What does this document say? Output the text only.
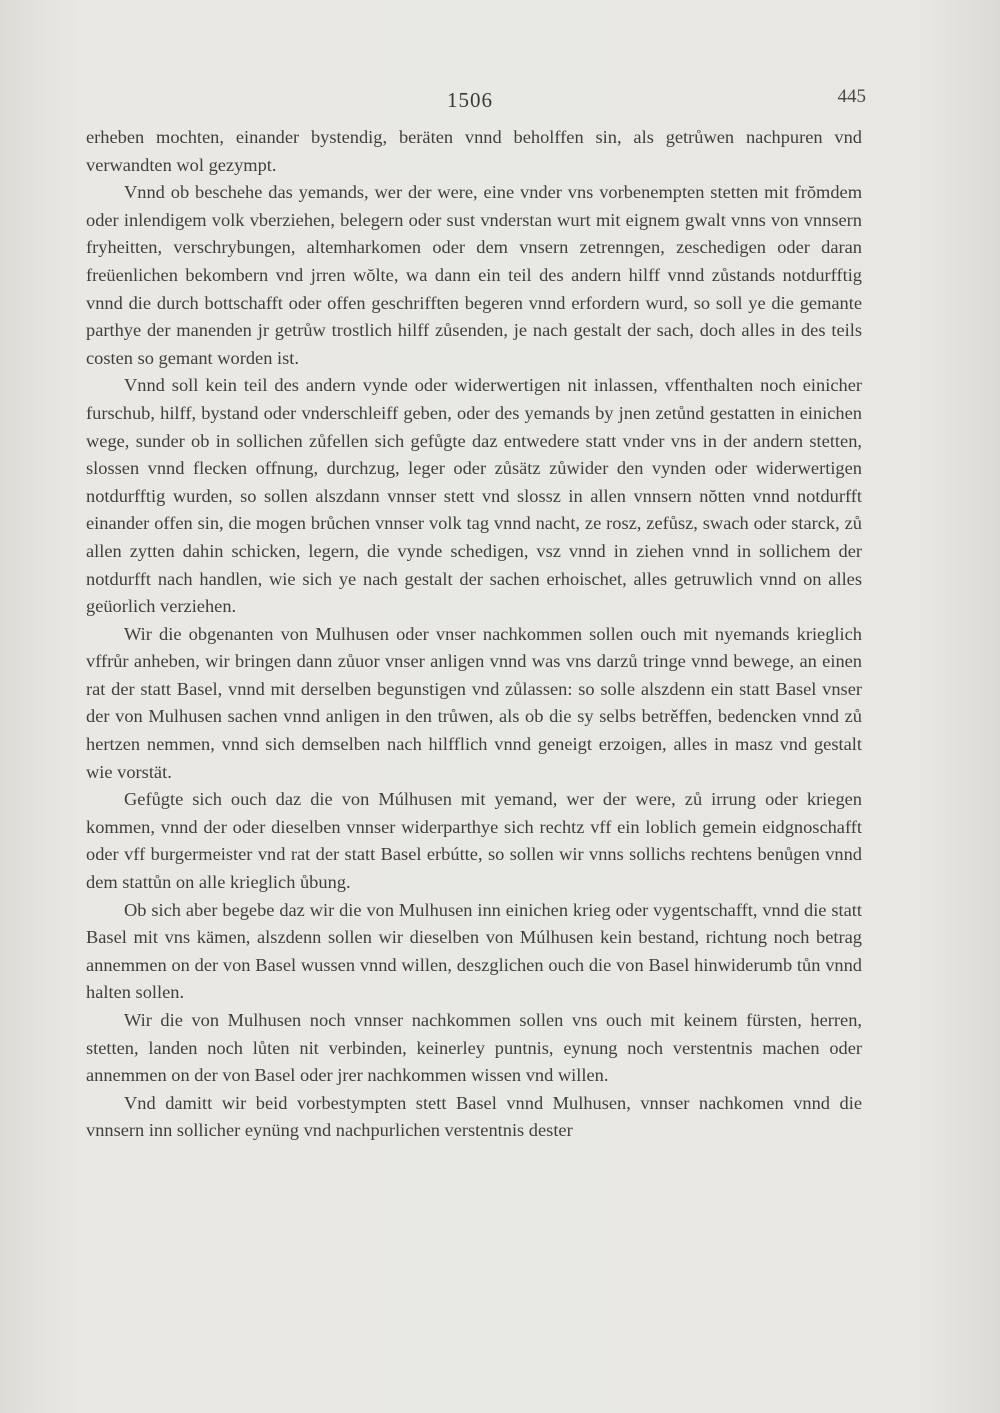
1506	445

erheben mochten, einander bystendig, beräten vnnd beholffen sin, als getrůwen nachpuren vnd verwandten wol gezympt.

Vnnd ob beschehe das yemands, wer der were, eine vnder vns vorbenempten stetten mit frŏmdem oder inlendigem volk vberziehen, belegern oder sust vnderstan wurt mit eignem gwalt vnns von vnnsern fryheitten, verschrybungen, altemharkomen oder dem vnsern zetrenngen, zeschedigen oder daran freüenlichen bekombern vnd jrren wŏlte, wa dann ein teil des andern hilff vnnd zůstands notdurfftig vnnd die durch bottschafft oder offen geschrifften begeren vnnd erfordern wurd, so soll ye die gemante parthye der manenden jr getrůw trostlich hilff zůsenden, je nach gestalt der sach, doch alles in des teils costen so gemant worden ist.

Vnnd soll kein teil des andern vynde oder widerwertigen nit inlassen, vffenthalten noch einicher furschub, hilff, bystand oder vnderschleiff geben, oder des yemands by jnen zetůnd gestatten in einichen wege, sunder ob in sollichen zůfellen sich gefůgte daz entwedere statt vnder vns in der andern stetten, slossen vnnd flecken offnung, durchzug, leger oder zůsätz zůwider den vynden oder widerwertigen notdurfftig wurden, so sollen alszdann vnnser stett vnd slossz in allen vnnsern nŏtten vnnd notdurfft einander offen sin, die mogen brůchen vnnser volk tag vnnd nacht, ze rosz, zefůsz, swach oder starck, zů allen zytten dahin schicken, legern, die vynde schedigen, vsz vnnd in ziehen vnnd in sollichem der notdurfft nach handlen, wie sich ye nach gestalt der sachen erhoischet, alles getruwlich vnnd on alles geüorlich verziehen.

Wir die obgenanten von Mulhusen oder vnser nachkommen sollen ouch mit nyemands krieglich vffrůr anheben, wir bringen dann zůuor vnser anligen vnnd was vns darzů tringe vnnd bewege, an einen rat der statt Basel, vnnd mit derselben begunstigen vnd zůlassen: so solle alszdenn ein statt Basel vnser der von Mulhusen sachen vnnd anligen in den trůwen, als ob die sy selbs betrěffen, bedencken vnnd zů hertzen nemmen, vnnd sich demselben nach hilfflich vnnd geneigt erzoigen, alles in masz vnd gestalt wie vorstät.

Gefůgte sich ouch daz die von Múlhusen mit yemand, wer der were, zů irrung oder kriegen kommen, vnnd der oder dieselben vnnser widerparthye sich rechtz vff ein loblich gemein eidgnoschafft oder vff burgermeister vnd rat der statt Basel erbútte, so sollen wir vnns sollichs rechtens benůgen vnnd dem stattůn on alle krieglich ůbung.

Ob sich aber begebe daz wir die von Mulhusen inn einichen krieg oder vygentschafft, vnnd die statt Basel mit vns kämen, alszdenn sollen wir dieselben von Múlhusen kein bestand, richtung noch betrag annemmen on der von Basel wussen vnnd willen, deszglichen ouch die von Basel hinwiderumb tůn vnnd halten sollen.

Wir die von Mulhusen noch vnnser nachkommen sollen vns ouch mit keinem fürsten, herren, stetten, landen noch lůten nit verbinden, keinerley puntnis, eynung noch verstentnis machen oder annemmen on der von Basel oder jrer nachkommen wissen vnd willen.

Vnd damitt wir beid vorbestympten stett Basel vnnd Mulhusen, vnnser nachkomen vnnd die vnnsern inn sollicher eynüng vnd nachpurlichen verstentnis dester
